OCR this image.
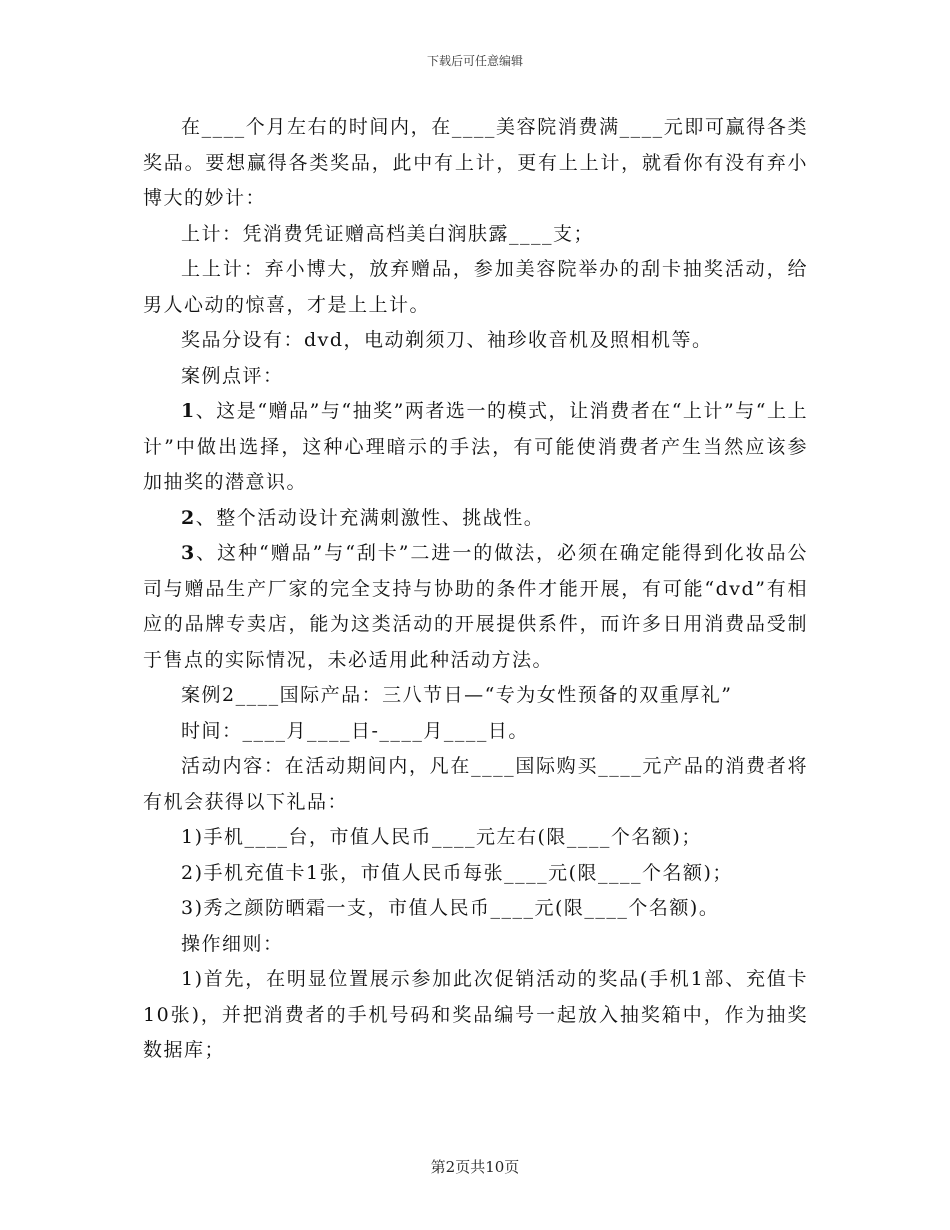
下载后可任意编辑

在____个月左右的时间内，在____美容院消费满____元即可赢得各类奖品。要想赢得各类奖品，此中有上计，更有上上计，就看你有没有弃小博大的妙计：

上计：凭消费凭证赠高档美白润肤露____支；

上上计：弃小博大，放弃赠品，参加美容院举办的刮卡抽奖活动，给男人心动的惊喜，才是上上计。

奖品分设有：dvd，电动剃须刀、袖珍收音机及照相机等。

案例点评：

1、这是“赠品”与“抽奖”两者选一的模式，让消费者在“上计”与“上上计”中做出选择，这种心理暗示的手法，有可能使消费者产生当然应该参加抽奖的潜意识。

2、整个活动设计充满刺激性、挑战性。

3、这种“赠品”与“刮卡”二进一的做法，必须在确定能得到化妆品公司与赠品生产厂家的完全支持与协助的条件才能开展，有可能“dvd”有相应的品牌专卖店，能为这类活动的开展提供系件，而许多日用消费品受制于售点的实际情况，未必适用此种活动方法。

案例2____国际产品：三八节日—“专为女性预备的双重厚礼”

时间：____月____日-____月____日。

活动内容：在活动期间内，凡在____国际购买____元产品的消费者将有机会获得以下礼品：

1)手机____台，市值人民币____元左右(限____个名额)；

2)手机充值卡1张，市值人民币每张____元(限____个名额)；

3)秀之颜防晒霜一支，市值人民币____元(限____个名额)。

操作细则：

1)首先，在明显位置展示参加此次促销活动的奖品(手机1部、充值卡10张)，并把消费者的手机号码和奖品编号一起放入抽奖箱中，作为抽奖数据库；

第2页共10页
